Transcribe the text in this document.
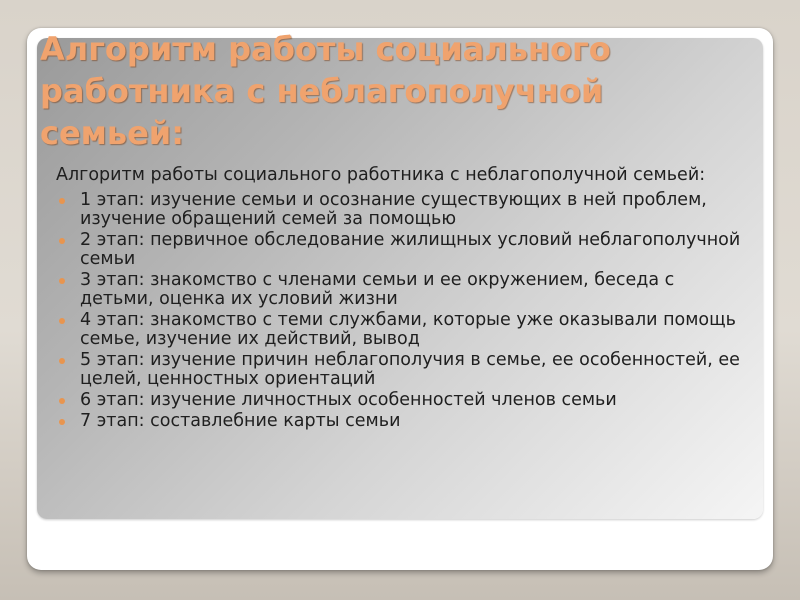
Алгоритм работы социального работника с неблагополучной семьей:

Алгоритм работы социального работника с неблагополучной семьей:

1 этап: изучение семьи и осознание существующих в ней проблем, изучение обращений семей за помощью
2 этап: первичное обследование жилищных условий неблагополучной семьи
3 этап: знакомство с членами семьи и ее окружением, беседа с детьми, оценка их условий жизни
4 этап: знакомство с теми службами, которые уже оказывали помощь семье, изучение их действий, вывод
5 этап: изучение причин неблагополучия в семье, ее особенностей, ее целей, ценностных ориентаций
6 этап: изучение личностных особенностей членов семьи
7 этап: составлебние карты семьи
